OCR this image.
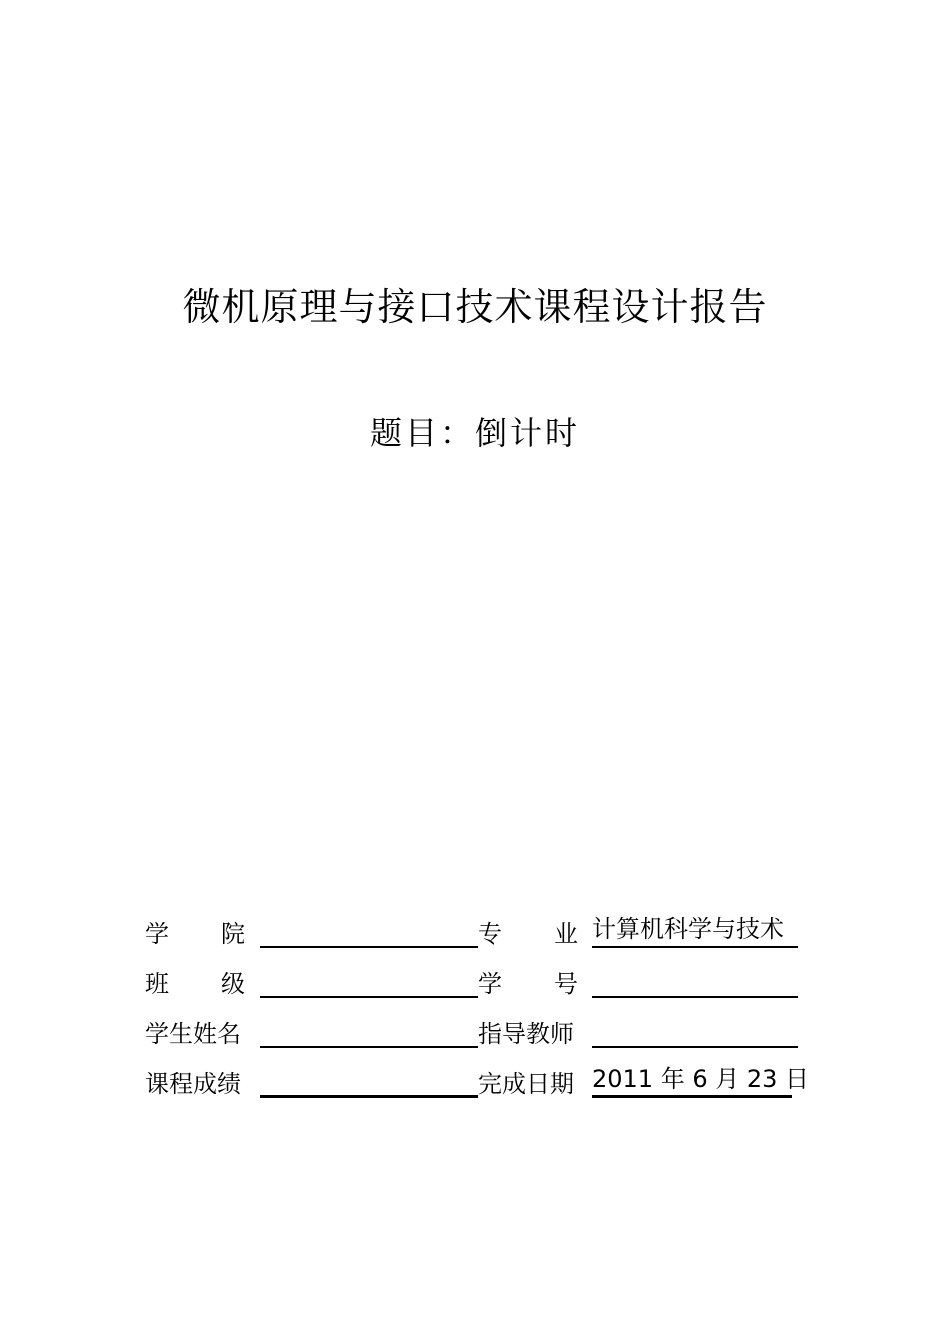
微机原理与接口技术课程设计报告
题目：倒计时
学 院	专 业 计算机科学与技术
班 级	学 号
学生姓名	指导教师
课程成绩	完成日期 2011 年 6 月 23 日
